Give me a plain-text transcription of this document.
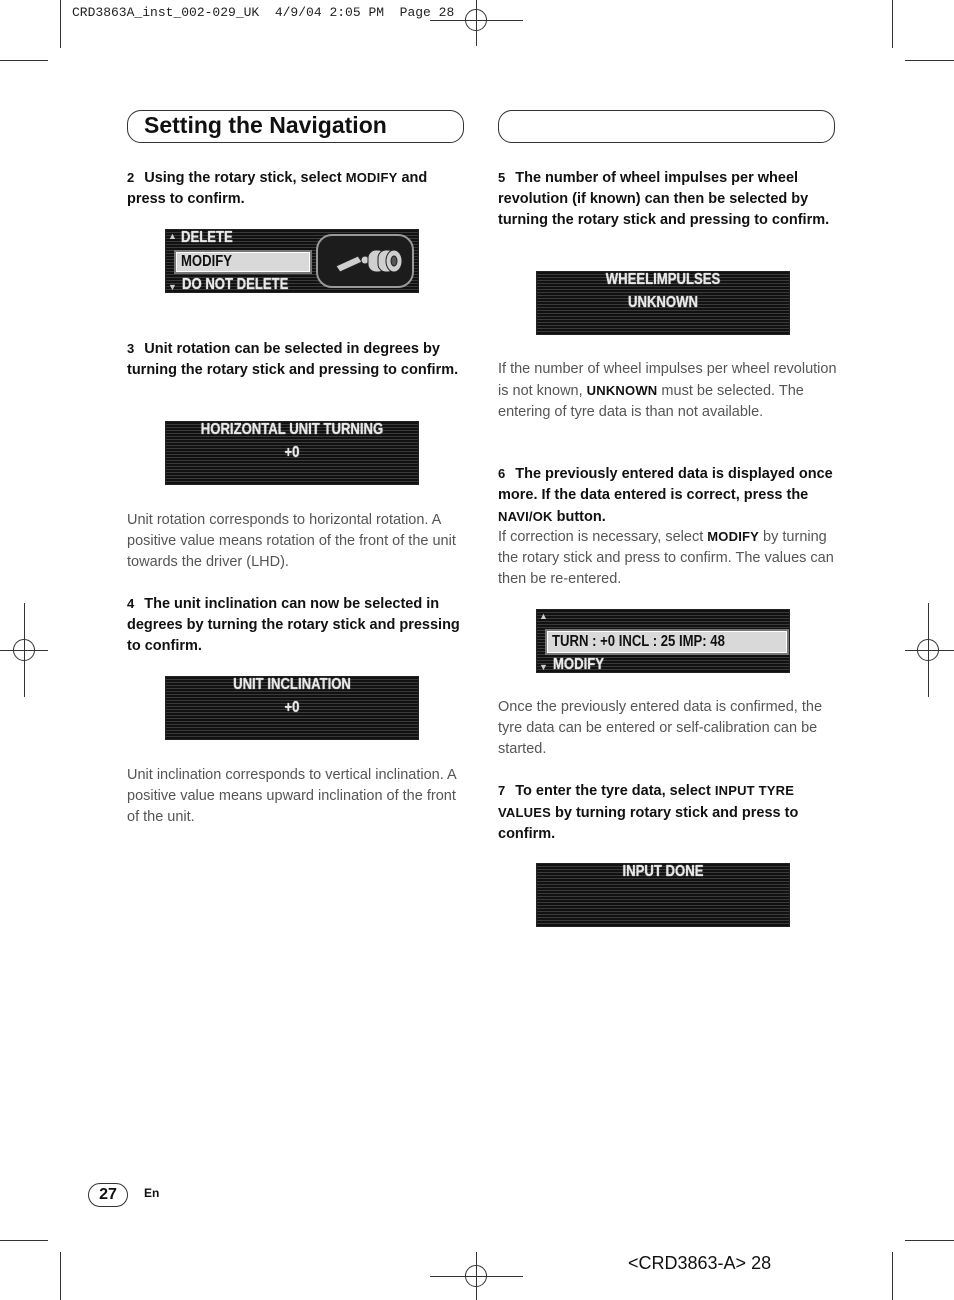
CRD3863A_inst_002-029_UK  4/9/04 2:05 PM  Page 28
Setting the Navigation
2 Using the rotary stick, select MODIFY and press to confirm.
▲ DELETE
MODIFY
▼ DO NOT DELETE
3 Unit rotation can be selected in degrees by turning the rotary stick and pressing to confirm.
HORIZONTAL UNIT TURNING
+0
Unit rotation corresponds to horizontal rotation. A positive value means rotation of the front of the unit towards the driver (LHD).
4 The unit inclination can now be selected in degrees by turning the rotary stick and pressing to confirm.
UNIT INCLINATION
+0
Unit inclination corresponds to vertical inclination. A positive value means upward inclination of the front of the unit.
5 The number of wheel impulses per wheel revolution (if known) can then be selected by turning the rotary stick and pressing to confirm.
WHEELIMPULSES
UNKNOWN
If the number of wheel impulses per wheel revolution is not known, UNKNOWN must be selected. The entering of tyre data is than not available.
6 The previously entered data is displayed once more. If the data entered is correct, press the NAVI/OK button.
If correction is necessary, select MODIFY by turning the rotary stick and press to confirm. The values can then be re-entered.
▲
TURN : +0 INCL : 25 IMP: 48
▼ MODIFY
Once the previously entered data is confirmed, the tyre data can be entered or self-calibration can be started.
7 To enter the tyre data, select INPUT TYRE VALUES by turning rotary stick and press to confirm.
INPUT DONE
27	En
<CRD3863-A> 28
